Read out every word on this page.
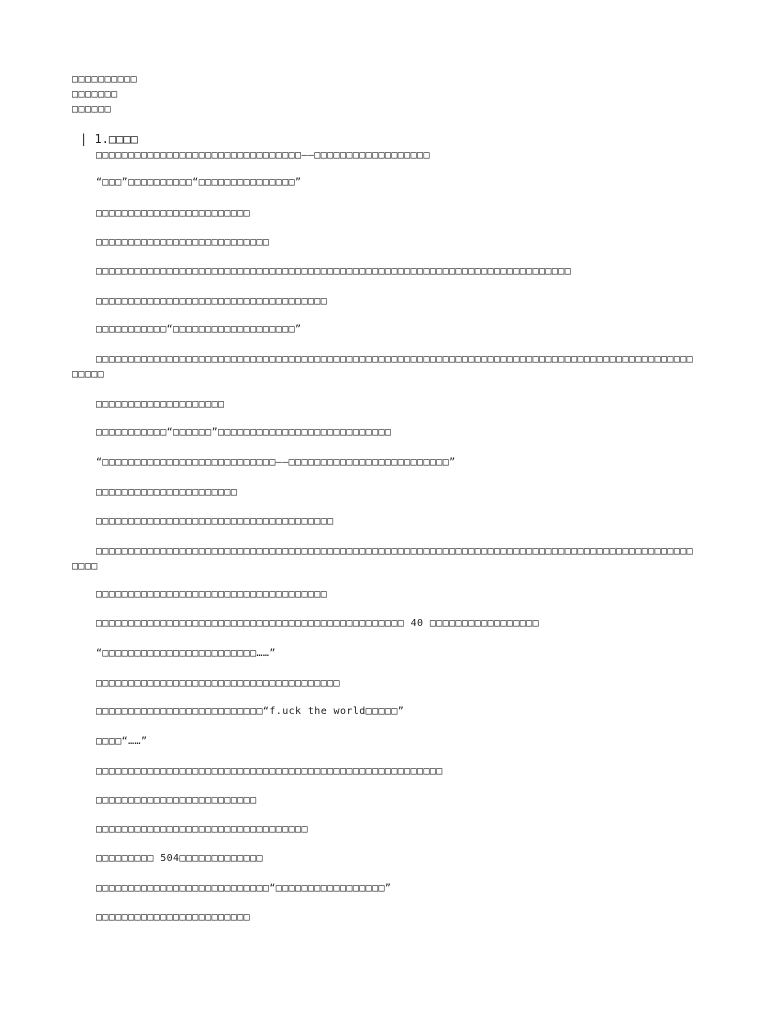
□□□□□□□□□□
□□□□□□□
□□□□□□
| 1.□□□□
□□□□□□□□□□□□□□□□□□□□□□□□□□□□□□□□——□□□□□□□□□□□□□□□□□□
“□□□”□□□□□□□□□□“□□□□□□□□□□□□□□□”
□□□□□□□□□□□□□□□□□□□□□□□□
□□□□□□□□□□□□□□□□□□□□□□□□□□□
□□□□□□□□□□□□□□□□□□□□□□□□□□□□□□□□□□□□□□□□□□□□□□□□□□□□□□□□□□□□□□□□□□□□□□□□□□
□□□□□□□□□□□□□□□□□□□□□□□□□□□□□□□□□□□□
□□□□□□□□□□□“□□□□□□□□□□□□□□□□□□□”
□□□□□□□□□□□□□□□□□□□□□□□□□□□□□□□□□□□□□□□□□□□□□□□□□□□□□□□□□□□□□□□□□□□□□□□□□□□□□□□□□□□□□□□□□□□□□□□□□□
□□□□□□□□□□□□□□□□□□□□
□□□□□□□□□□□“□□□□□□”□□□□□□□□□□□□□□□□□□□□□□□□□□□
“□□□□□□□□□□□□□□□□□□□□□□□□□□□——□□□□□□□□□□□□□□□□□□□□□□□□□”
□□□□□□□□□□□□□□□□□□□□□□
□□□□□□□□□□□□□□□□□□□□□□□□□□□□□□□□□□□□□
□□□□□□□□□□□□□□□□□□□□□□□□□□□□□□□□□□□□□□□□□□□□□□□□□□□□□□□□□□□□□□□□□□□□□□□□□□□□□□□□□□□□□□□□□□□□□□□□□
□□□□□□□□□□□□□□□□□□□□□□□□□□□□□□□□□□□□
□□□□□□□□□□□□□□□□□□□□□□□□□□□□□□□□□□□□□□□□□□□□□□□□ 40 □□□□□□□□□□□□□□□□□
“□□□□□□□□□□□□□□□□□□□□□□□□……”
□□□□□□□□□□□□□□□□□□□□□□□□□□□□□□□□□□□□□□
□□□□□□□□□□□□□□□□□□□□□□□□□□“f.uck the world□□□□□”
□□□□“……”
□□□□□□□□□□□□□□□□□□□□□□□□□□□□□□□□□□□□□□□□□□□□□□□□□□□□□□
□□□□□□□□□□□□□□□□□□□□□□□□□
□□□□□□□□□□□□□□□□□□□□□□□□□□□□□□□□□
□□□□□□□□□ 504□□□□□□□□□□□□□
□□□□□□□□□□□□□□□□□□□□□□□□□□□“□□□□□□□□□□□□□□□□□”
□□□□□□□□□□□□□□□□□□□□□□□□
